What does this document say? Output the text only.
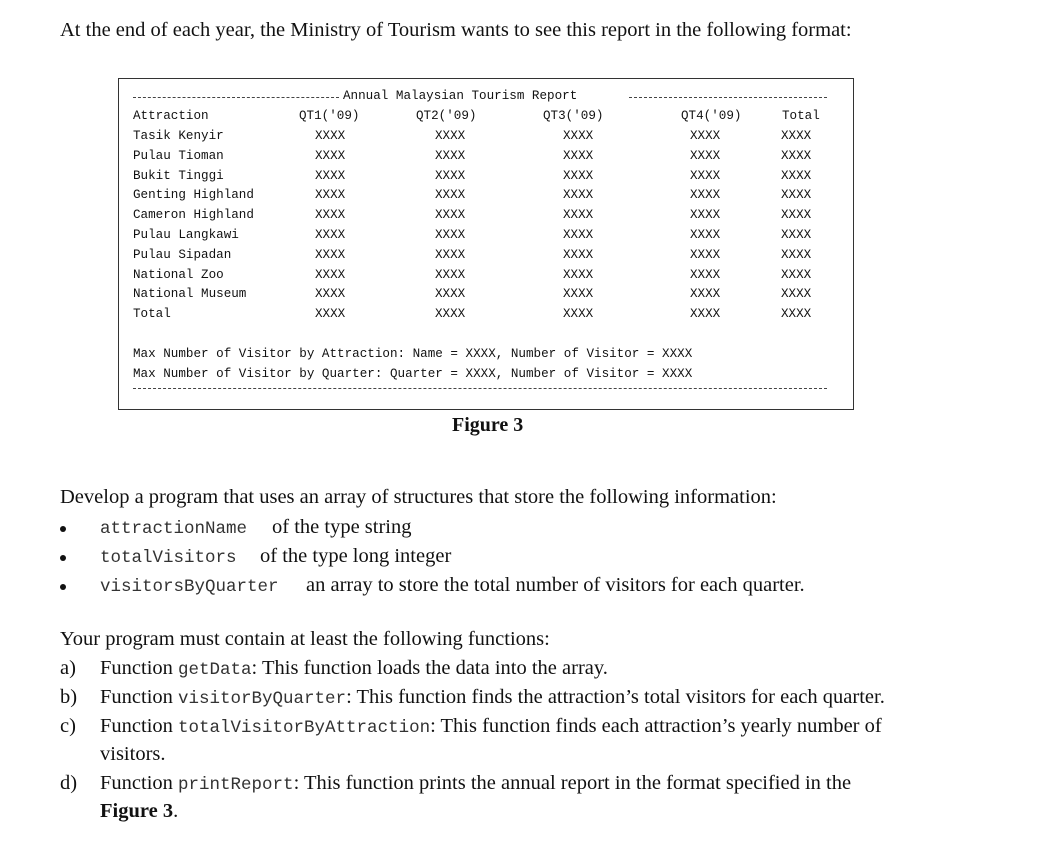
At the end of each year, the Ministry of Tourism wants to see this report in the following format:
Annual Malaysian Tourism Report
Attraction	QT1('09)	QT2('09)	QT3('09)	QT4('09)	Total
Tasik Kenyir	XXXX	XXXX	XXXX	XXXX	XXXX
Pulau Tioman	XXXX	XXXX	XXXX	XXXX	XXXX
Bukit Tinggi	XXXX	XXXX	XXXX	XXXX	XXXX
Genting Highland	XXXX	XXXX	XXXX	XXXX	XXXX
Cameron Highland	XXXX	XXXX	XXXX	XXXX	XXXX
Pulau Langkawi	XXXX	XXXX	XXXX	XXXX	XXXX
Pulau Sipadan	XXXX	XXXX	XXXX	XXXX	XXXX
National Zoo	XXXX	XXXX	XXXX	XXXX	XXXX
National Museum	XXXX	XXXX	XXXX	XXXX	XXXX
Total	XXXX	XXXX	XXXX	XXXX	XXXX
Max Number of Visitor by Attraction: Name = XXXX, Number of Visitor = XXXX
Max Number of Visitor by Quarter: Quarter = XXXX, Number of Visitor = XXXX
Figure 3
Develop a program that uses an array of structures that store the following information:
attractionName of the type string
totalVisitors of the type long integer
visitorsByQuarter an array to store the total number of visitors for each quarter.
Your program must contain at least the following functions:
a) Function getData: This function loads the data into the array.
b) Function visitorByQuarter: This function finds the attraction’s total visitors for each quarter.
c) Function totalVisitorByAttraction: This function finds each attraction’s yearly number of
visitors.
d) Function printReport: This function prints the annual report in the format specified in the
Figure 3.
